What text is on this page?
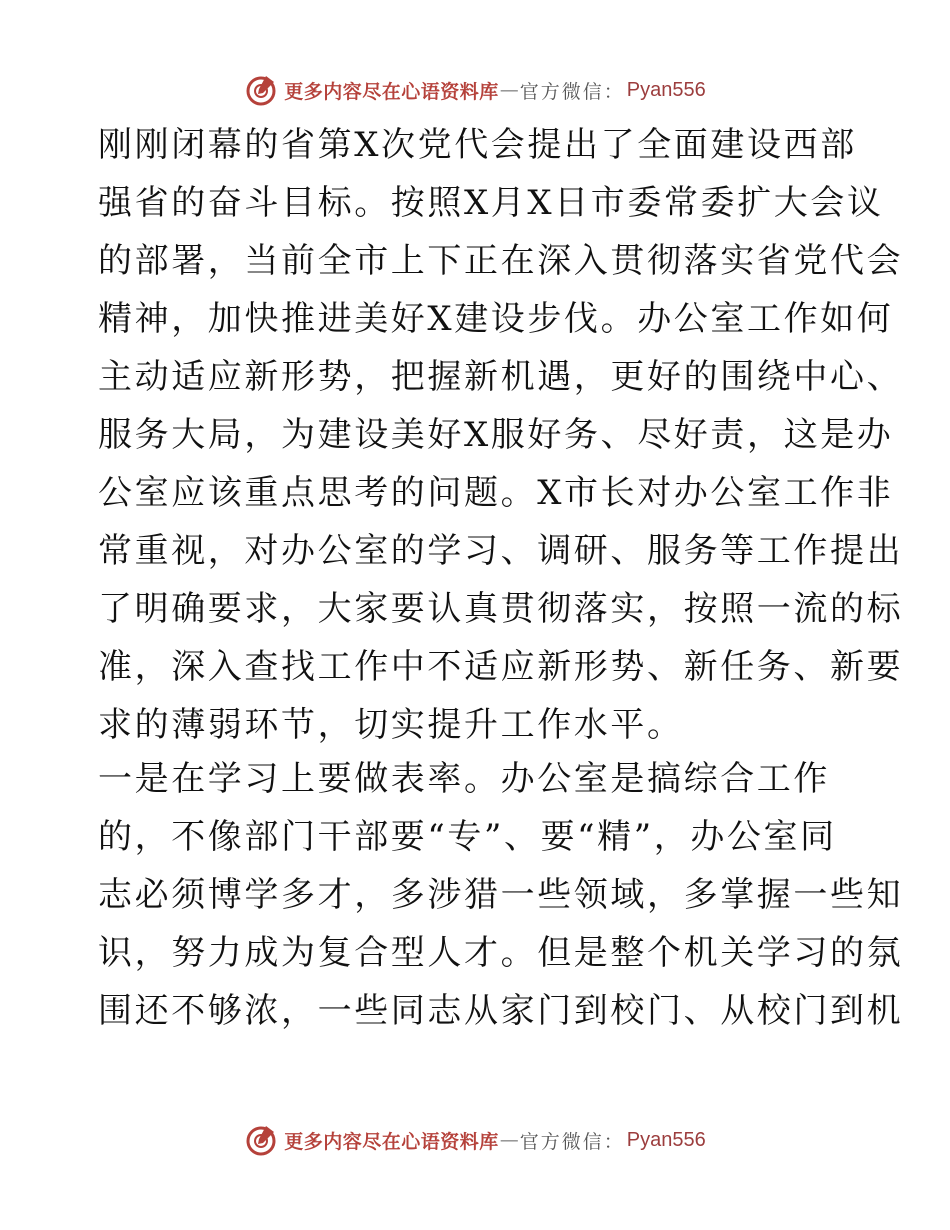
更多内容尽在心语资料库 — 官方微信： Pyan556
刚刚闭幕的省第Ⅹ次党代会提出了全面建设西部
强省的奋斗目标。按照Ⅹ月Ⅹ日市委常委扩大会议
的部署，当前全市上下正在深入贯彻落实省党代会
精神，加快推进美好Ⅹ建设步伐。办公室工作如何
主动适应新形势，把握新机遇，更好的围绕中心、
服务大局，为建设美好Ⅹ服好务、尽好责，这是办
公室应该重点思考的问题。Ⅹ市长对办公室工作非
常重视，对办公室的学习、调研、服务等工作提出
了明确要求，大家要认真贯彻落实，按照一流的标
准，深入查找工作中不适应新形势、新任务、新要
求的薄弱环节，切实提升工作水平。
一是在学习上要做表率。办公室是搞综合工作
的，不像部门干部要“专”、要“精”，办公室同
志必须博学多才，多涉猎一些领域，多掌握一些知
识，努力成为复合型人才。但是整个机关学习的氛
围还不够浓，一些同志从家门到校门、从校门到机
更多内容尽在心语资料库 — 官方微信： Pyan556
